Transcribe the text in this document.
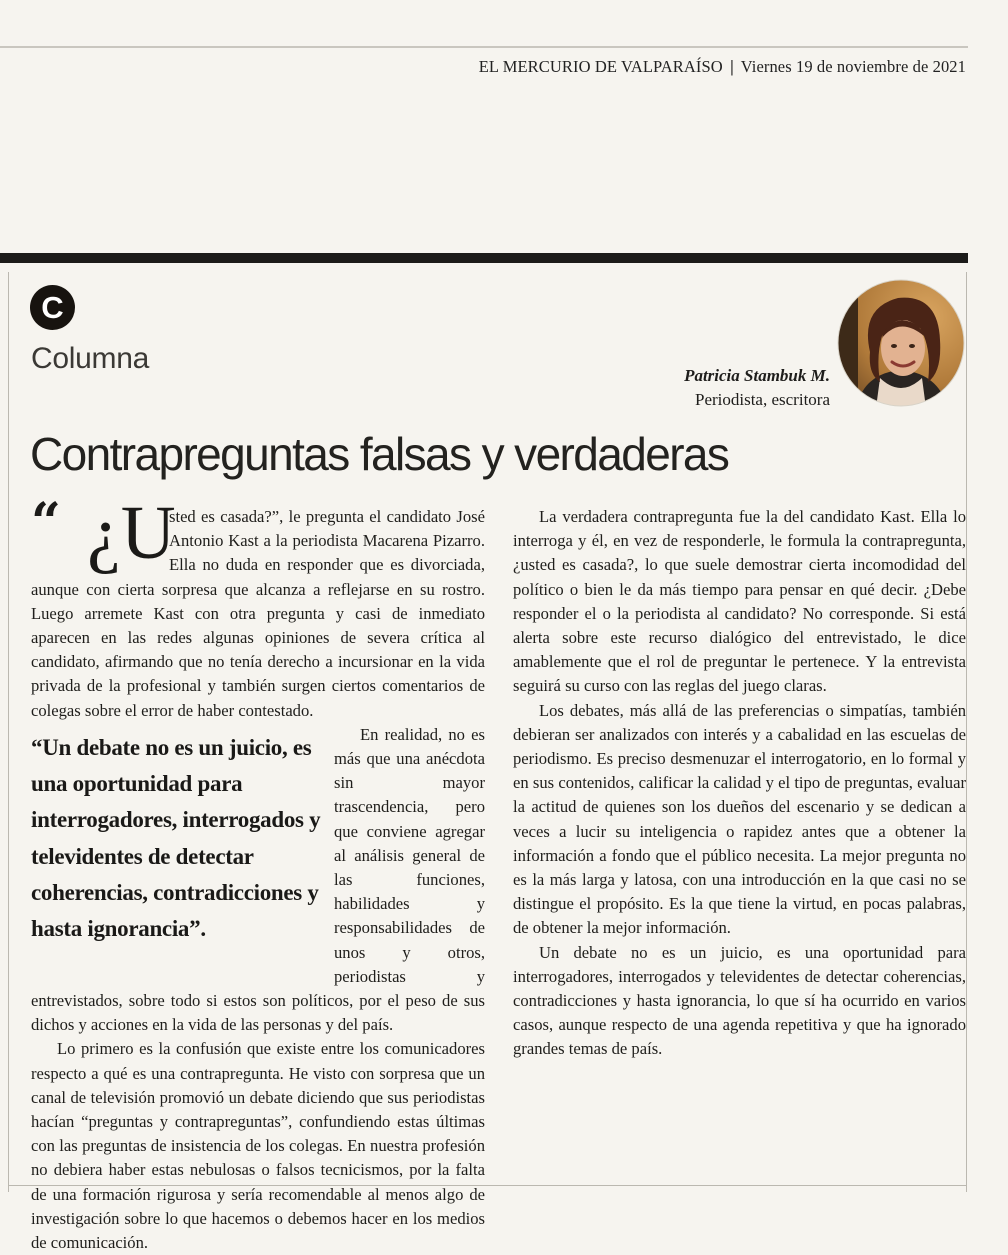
EL MERCURIO DE VALPARAÍSO | Viernes 19 de noviembre de 2021
C
Columna
Patricia Stambuk M.
Periodista, escritora
Contrapreguntas falsas y verdaderas
“ ¿U

sted es casada?”, le pregunta el candidato José Antonio Kast a la periodista Macarena Pizarro. Ella no duda en responder que es divorciada, aunque con cierta sorpresa que alcanza a reflejarse en su rostro. Luego arremete Kast con otra pregunta y casi de inmediato aparecen en las redes algunas opiniones de severa crítica al candidato, afirmando que no tenía derecho a incursionar en la vida privada de la profesional y también surgen ciertos comentarios de colegas sobre el error de haber contestado.

“Un debate no es un juicio, es una oportunidad para interrogadores, interrogados y televidentes de detectar coherencias, contradicciones y hasta ignorancia”.

En realidad, no es más que una anécdota sin mayor trascendencia, pero que conviene agregar al análisis general de las funciones, habilidades y responsabilidades de unos y otros, periodistas y entrevistados, sobre todo si estos son políticos, por el peso de sus dichos y acciones en la vida de las personas y del país.

Lo primero es la confusión que existe entre los comunicadores respecto a qué es una contrapregunta. He visto con sorpresa que un canal de televisión promovió un debate diciendo que sus periodistas hacían “preguntas y contrapreguntas”, confundiendo estas últimas con las preguntas de insistencia de los colegas. En nuestra profesión no debiera haber estas nebulosas o falsos tecnicismos, por la falta de una formación rigurosa y sería recomendable al menos algo de investigación sobre lo que hacemos o debemos hacer en los medios de comunicación.

La verdadera contrapregunta fue la del candidato Kast. Ella lo interroga y él, en vez de responderle, le formula la contrapregunta, ¿usted es casada?, lo que suele demostrar cierta incomodidad del político o bien le da más tiempo para pensar en qué decir. ¿Debe responder el o la periodista al candidato? No corresponde. Si está alerta sobre este recurso dialógico del entrevistado, le dice amablemente que el rol de preguntar le pertenece. Y la entrevista seguirá su curso con las reglas del juego claras.

Los debates, más allá de las preferencias o simpatías, también debieran ser analizados con interés y a cabalidad en las escuelas de periodismo. Es preciso desmenuzar el interrogatorio, en lo formal y en sus contenidos, calificar la calidad y el tipo de preguntas, evaluar la actitud de quienes son los dueños del escenario y se dedican a veces a lucir su inteligencia o rapidez antes que a obtener la información a fondo que el público necesita. La mejor pregunta no es la más larga y latosa, con una introducción en la que casi no se distingue el propósito. Es la que tiene la virtud, en pocas palabras, de obtener la mejor información.

Un debate no es un juicio, es una oportunidad para interrogadores, interrogados y televidentes de detectar coherencias, contradicciones y hasta ignorancia, lo que sí ha ocurrido en varios casos, aunque respecto de una agenda repetitiva y que ha ignorado grandes temas de país.
